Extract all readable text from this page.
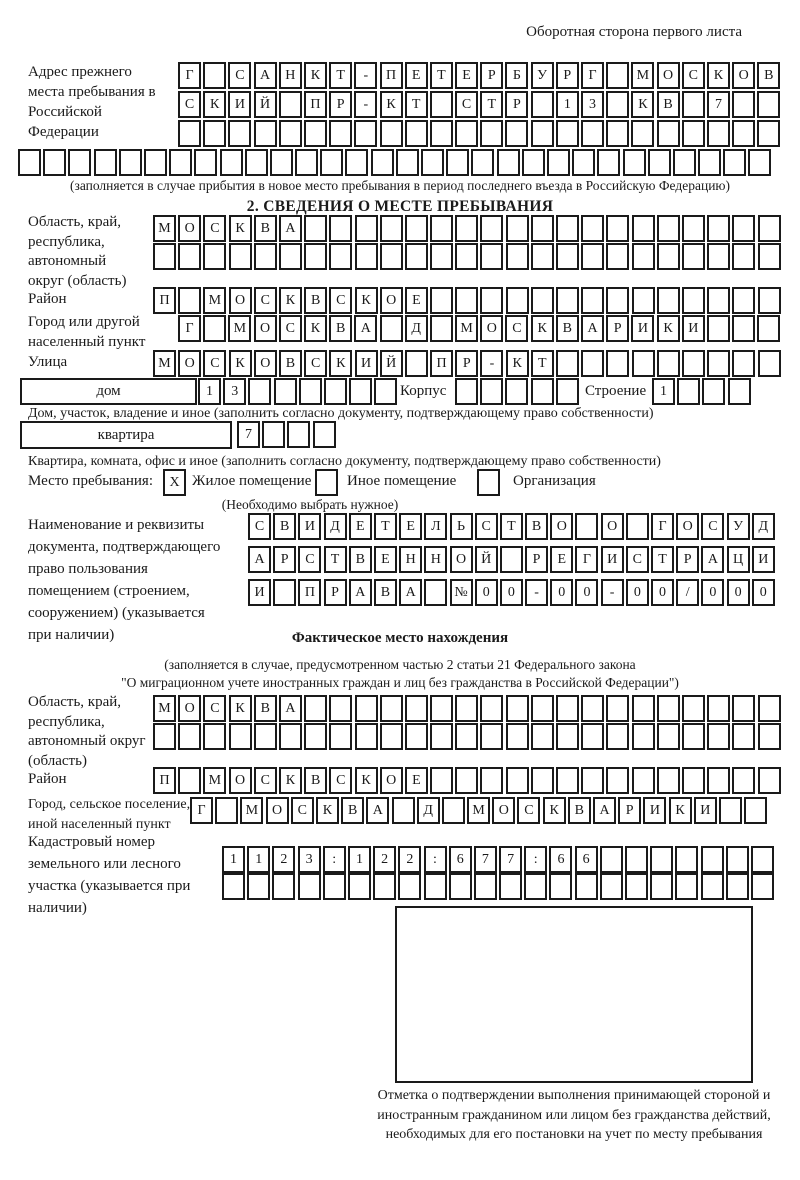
Оборотная сторона первого листа
Адрес прежнего места пребывания в Российской Федерации
Г	С	А	Н	К	Т	-	П	Е	Т	Е	Р	Б	У	Р	Г	М О	С	К	О	В
С	К	И	Й	П	Р	-	К	Т	С	Т	Р	1	3	К	В	7
(заполняется в случае прибытия в новое место пребывания в период последнего въезда в Российскую Федерацию)
2. СВЕДЕНИЯ О МЕСТЕ ПРЕБЫВАНИЯ
Область, край, республика, автономный округ (область)
М О	С	К	В	А
Район	П	М О	С	К	В	С	К	О	Е
Город или другой населенный пункт
Г	М О	С	К	В	А	Д	М О	С	К	В	А	Р	И	К	И
Улица	М О	С	К	О	В	С	К	И	Й	П	Р	-	К	Т
дом	1	3	Корпус	Строение 1
Дом, участок, владение и иное (заполнить согласно документу, подтверждающему право собственности)
квартира	7
Квартира, комната, офис и иное (заполнить согласно документу, подтверждающему право собственности)
Место пребывания:	X Жилое помещение Иное помещение	Организация
(Необходимо выбрать нужное)
Наименование и реквизиты документа, подтверждающего право пользования помещением (строением, сооружением) (указывается при наличии)
С	В	И	Д	Е	Т	Е	Л	Ь	С	Т	В	О	О	Г	О	С	У	Д
А	Р	С	Т	В	Е	Н	Н	О	Й	Р	Е	Г	И	С	Т	Р	А	Ц	И
И	П	Р	А	В	А	№	0	0	-	0	0	-	0	0	/	0	0	0
Фактическое место нахождения
(заполняется в случае, предусмотренном частью 2 статьи 21 Федерального закона
"О миграционном учете иностранных граждан и лиц без гражданства в Российской Федерации")
Область, край, республика, автономный округ (область)
М О	С	К	В	А
Район	П	М О	С	К	В	С	К	О	Е
Город, сельское поселение, иной населенный пункт
Г	М О	С	К	В	А	Д	М О	С	К	В	А	Р	И	К	И
Кадастровый номер земельного или лесного участка (указывается при наличии)
1	1	2	3	:	1	2	2	:	6	7	7	:	6	6
Отметка о подтверждении выполнения принимающей стороной и иностранным гражданином или лицом без гражданства действий, необходимых для его постановки на учет по месту пребывания
